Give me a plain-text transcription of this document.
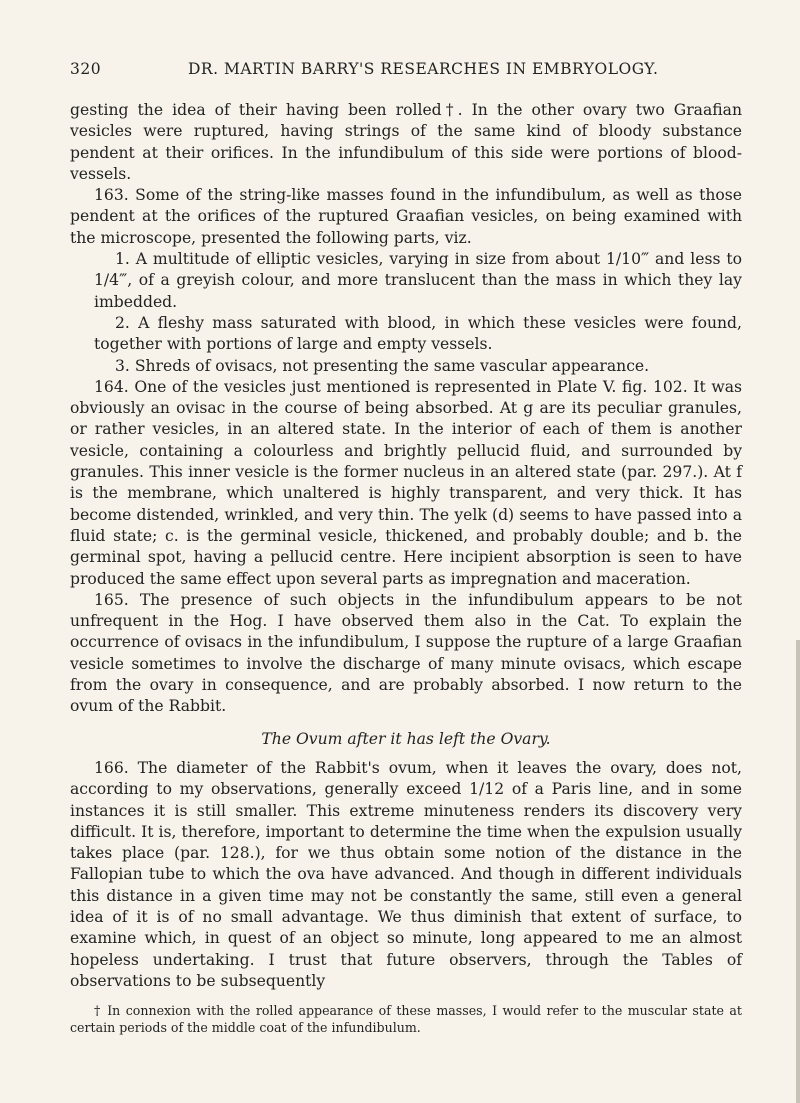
320	DR. MARTIN BARRY'S RESEARCHES IN EMBRYOLOGY.

gesting the idea of their having been rolled†. In the other ovary two Graafian vesicles were ruptured, having strings of the same kind of bloody substance pendent at their orifices. In the infundibulum of this side were portions of blood-vessels.

163. Some of the string-like masses found in the infundibulum, as well as those pendent at the orifices of the ruptured Graafian vesicles, on being examined with the microscope, presented the following parts, viz.

1. A multitude of elliptic vesicles, varying in size from about 1/10‴ and less to 1/4‴, of a greyish colour, and more translucent than the mass in which they lay imbedded.

2. A fleshy mass saturated with blood, in which these vesicles were found, together with portions of large and empty vessels.

3. Shreds of ovisacs, not presenting the same vascular appearance.

164. One of the vesicles just mentioned is represented in Plate V. fig. 102. It was obviously an ovisac in the course of being absorbed. At g are its peculiar granules, or rather vesicles, in an altered state. In the interior of each of them is another vesicle, containing a colourless and brightly pellucid fluid, and surrounded by granules. This inner vesicle is the former nucleus in an altered state (par. 297.). At f is the membrane, which unaltered is highly transparent, and very thick. It has become distended, wrinkled, and very thin. The yelk (d) seems to have passed into a fluid state; c. is the germinal vesicle, thickened, and probably double; and b. the germinal spot, having a pellucid centre. Here incipient absorption is seen to have produced the same effect upon several parts as impregnation and maceration.

165. The presence of such objects in the infundibulum appears to be not unfrequent in the Hog. I have observed them also in the Cat. To explain the occurrence of ovisacs in the infundibulum, I suppose the rupture of a large Graafian vesicle sometimes to involve the discharge of many minute ovisacs, which escape from the ovary in consequence, and are probably absorbed. I now return to the ovum of the Rabbit.

The Ovum after it has left the Ovary.

166. The diameter of the Rabbit's ovum, when it leaves the ovary, does not, according to my observations, generally exceed 1/12 of a Paris line, and in some instances it is still smaller. This extreme minuteness renders its discovery very difficult. It is, therefore, important to determine the time when the expulsion usually takes place (par. 128.), for we thus obtain some notion of the distance in the Fallopian tube to which the ova have advanced. And though in different individuals this distance in a given time may not be constantly the same, still even a general idea of it is of no small advantage. We thus diminish that extent of surface, to examine which, in quest of an object so minute, long appeared to me an almost hopeless undertaking. I trust that future observers, through the Tables of observations to be subsequently

† In connexion with the rolled appearance of these masses, I would refer to the muscular state at certain periods of the middle coat of the infundibulum.
